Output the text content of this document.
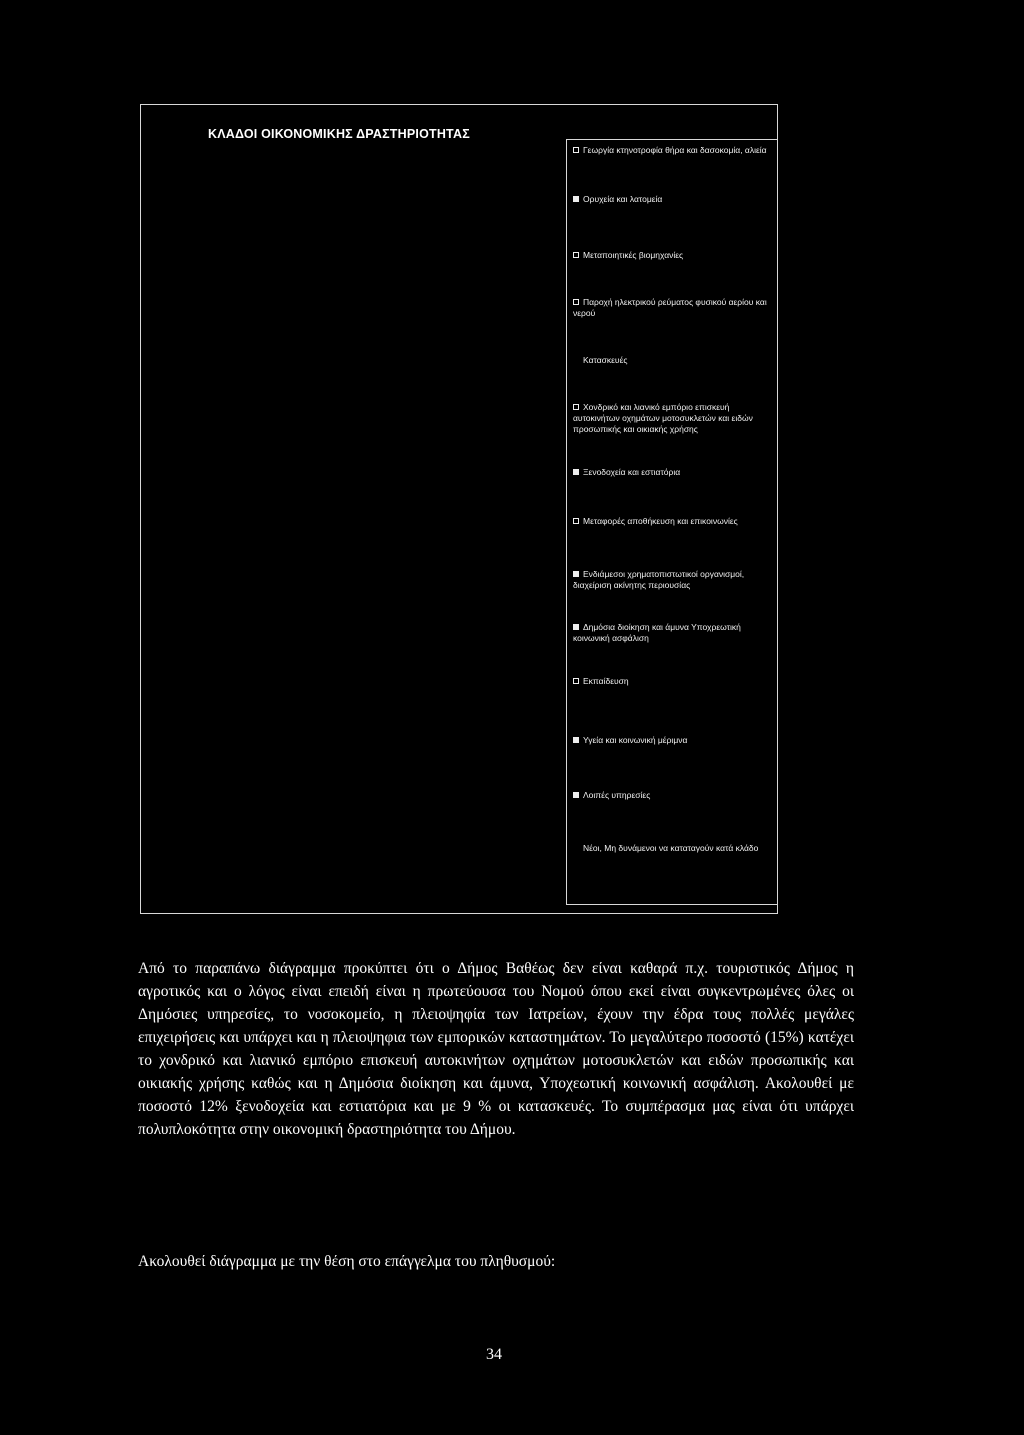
ΚΛΑΔΟΙ ΟΙΚΟΝΟΜΙΚΗΣ ΔΡΑΣΤΗΡΙΟΤΗΤΑΣ
Γεωργία κτηνοτροφία θήρα και δασοκομία, αλιεία
Ορυχεία και λατομεία
Μεταποιητικές βιομηχανίες
Παροχή ηλεκτρικού ρεύματος φυσικού αερίου και νερού
Κατασκευές
Χονδρικό και λιανικό εμπόριο επισκευή αυτοκινήτων οχημάτων μοτοσυκλετών και ειδών προσωπικής και οικιακής χρήσης
Ξενοδοχεία και εστιατόρια
Μεταφορές αποθήκευση και επικοινωνίες
Ενδιάμεσοι χρηματοπιστωτικοί οργανισμοί, διαχείριση ακίνητης περιουσίας
Δημόσια διοίκηση και άμυνα Υποχρεωτική κοινωνική ασφάλιση
Εκπαίδευση
Υγεία και κοινωνική μέριμνα
Λοιπές υπηρεσίες
Νέοι, Μη δυνάμενοι να καταταγούν κατά κλάδο

Από το παραπάνω διάγραμμα προκύπτει ότι ο Δήμος Βαθέως δεν είναι καθαρά π.χ. τουριστικός Δήμος η αγροτικός και ο λόγος είναι επειδή είναι η πρωτεύουσα του Νομού όπου εκεί είναι συγκεντρωμένες όλες οι Δημόσιες υπηρεσίες, το νοσοκομείο, η πλειοψηφία των Ιατρείων, έχουν την έδρα τους πολλές μεγάλες επιχειρήσεις και υπάρχει και η πλειοψηφια των εμπορικών καταστημάτων. Το μεγαλύτερο ποσοστό (15%) κατέχει το χονδρικό και λιανικό εμπόριο επισκευή αυτοκινήτων οχημάτων μοτοσυκλετών και ειδών προσωπικής και οικιακής χρήσης καθώς και η Δημόσια διοίκηση και άμυνα, Υποχεωτική κοινωνική ασφάλιση. Ακολουθεί με ποσοστό 12% ξενοδοχεία και εστιατόρια και με 9 % οι κατασκευές. Το συμπέρασμα μας είναι ότι υπάρχει πολυπλοκότητα στην οικονομική δραστηριότητα του Δήμου.

Ακολουθεί διάγραμμα με την θέση στο επάγγελμα του πληθυσμού:
34
